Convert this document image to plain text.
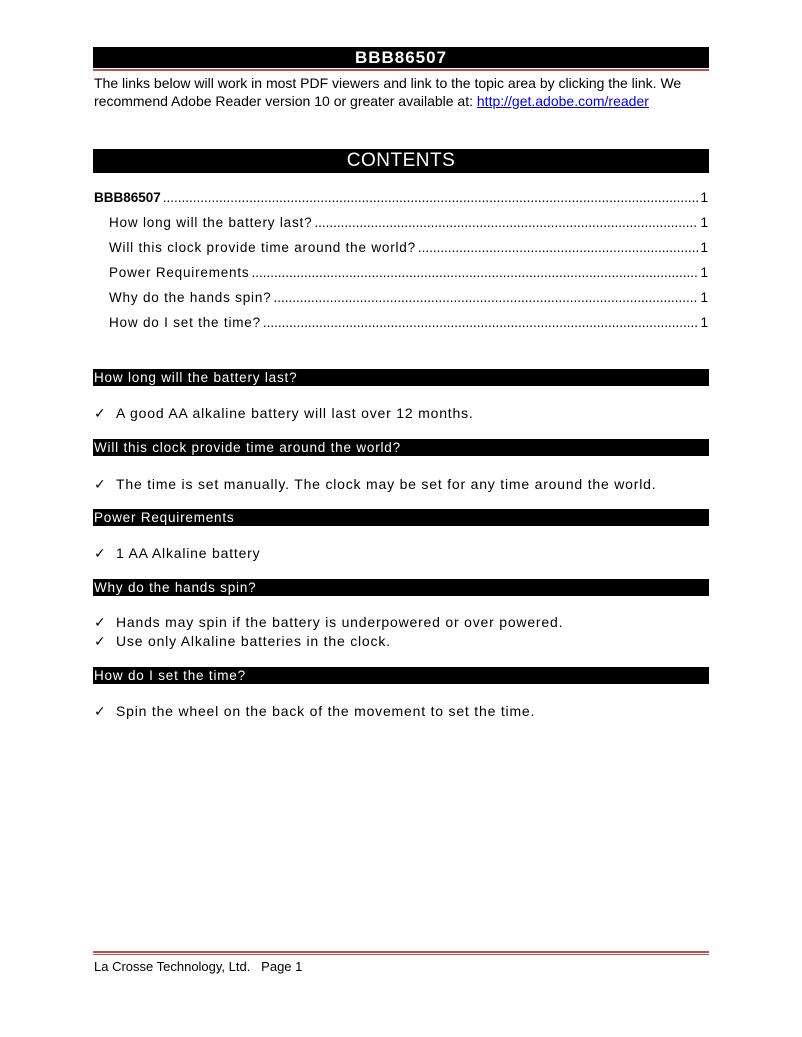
BBB86507
The links below will work in most PDF viewers and link to the topic area by clicking the link. We recommend Adobe Reader version 10 or greater available at: http://get.adobe.com/reader
CONTENTS
BBB86507 .....	1
How long will the battery last? .....	1
Will this clock provide time around the world? .....	1
Power Requirements .....	1
Why do the hands spin? .....	1
How do I set the time? .....	1
How long will the battery last?
✓ A good AA alkaline battery will last over 12 months.
Will this clock provide time around the world?
✓ The time is set manually. The clock may be set for any time around the world.
Power Requirements
✓ 1 AA Alkaline battery
Why do the hands spin?
✓ Hands may spin if the battery is underpowered or over powered.
✓ Use only Alkaline batteries in the clock.
How do I set the time?
✓ Spin the wheel on the back of the movement to set the time.
La Crosse Technology, Ltd.   Page 1
